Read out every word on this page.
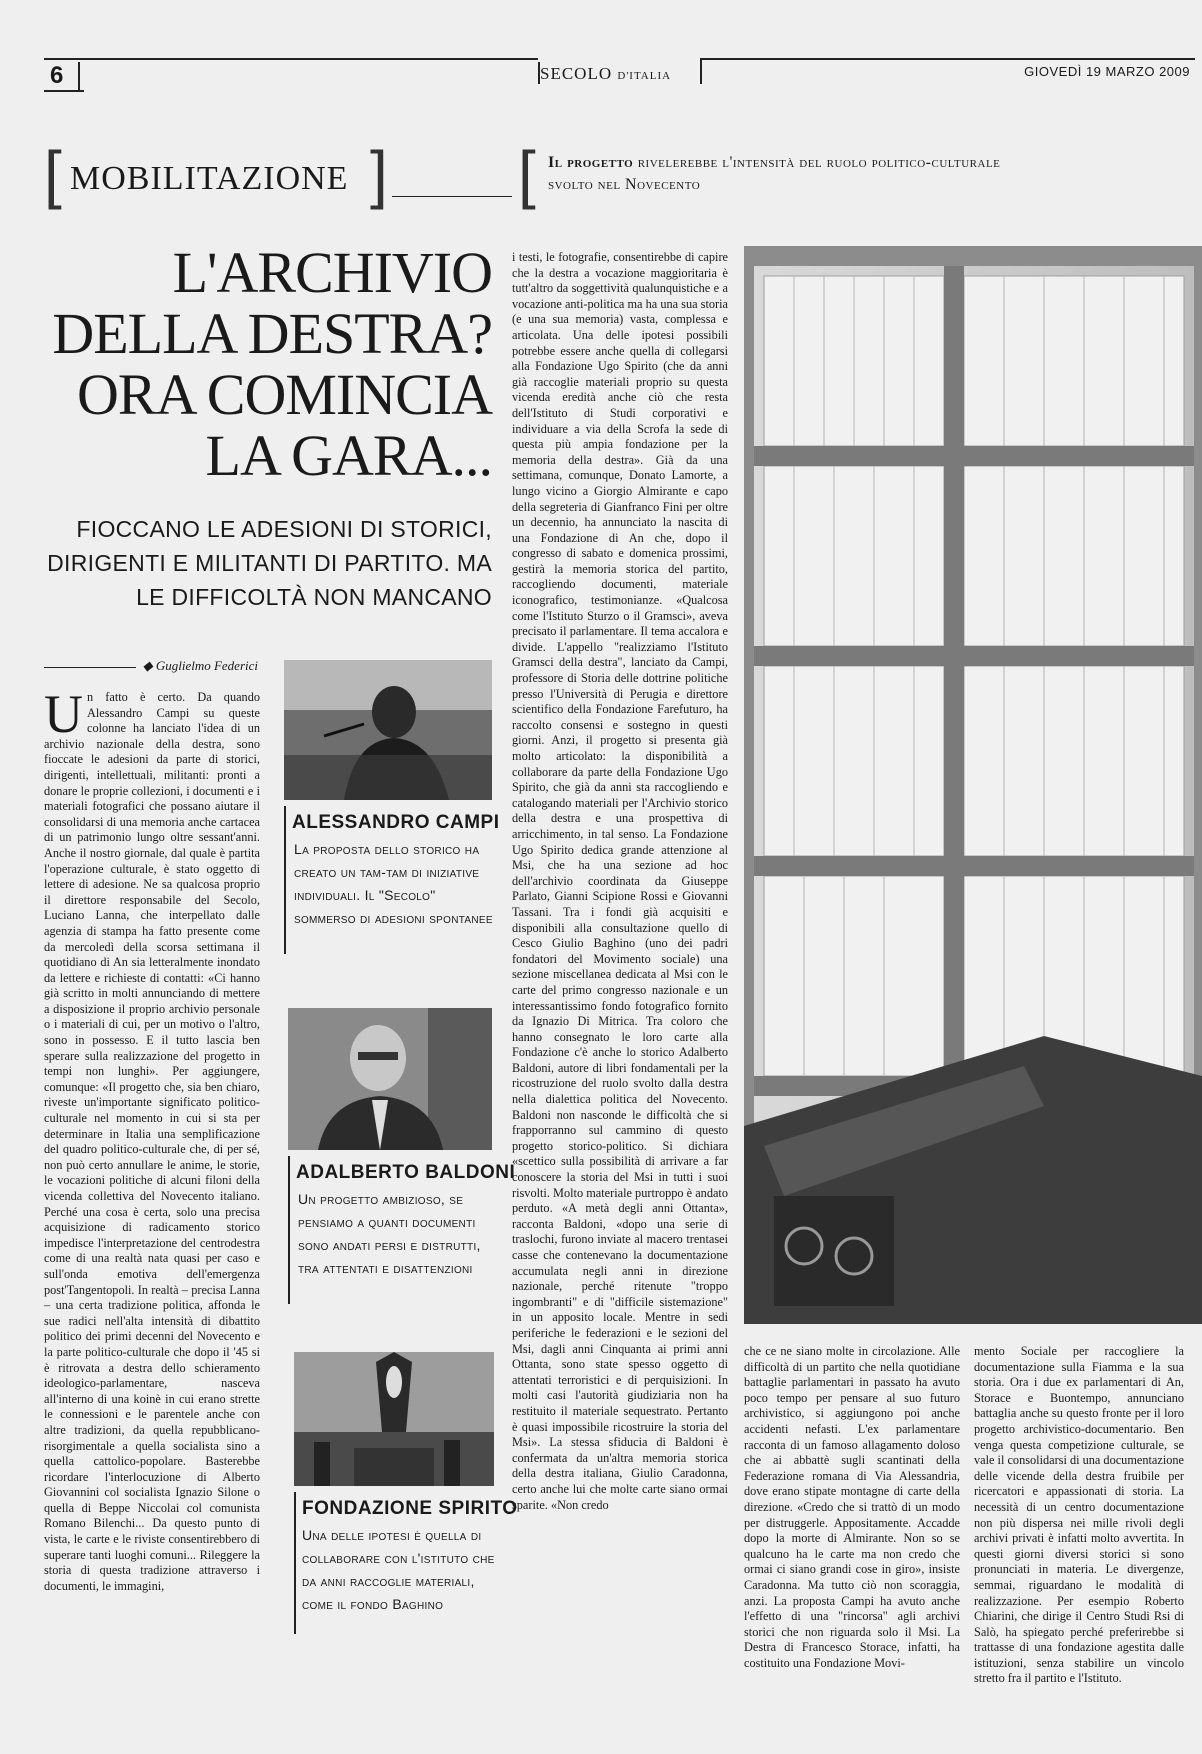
6	SECOLO D'ITALIA	GIOVEDÌ 19 MARZO 2009
[ MOBILITAZIONE ] [ Il progetto rivelerebbe l'intensità del ruolo politico-culturale svolto nel Novecento
L'ARCHIVIO DELLA DESTRA? ORA COMINCIA LA GARA...
FIOCCANO LE ADESIONI DI STORICI, DIRIGENTI E MILITANTI DI PARTITO. MA LE DIFFICOLTÀ NON MANCANO
◆ Guglielmo Federici
Un fatto è certo. Da quando Alessandro Campi su queste colonne ha lanciato l'idea di un archivio nazionale della destra, sono fioccate le adesioni da parte di storici, dirigenti, intellettuali, militanti: pronti a donare le proprie collezioni, i documenti e i materiali fotografici che possano aiutare il consolidarsi di una memoria anche cartacea di un patrimonio lungo oltre sessant'anni. Anche il nostro giornale, dal quale è partita l'operazione culturale, è stato oggetto di lettere di adesione. Ne sa qualcosa proprio il direttore responsabile del Secolo, Luciano Lanna, che interpellato dalle agenzia di stampa ha fatto presente come da mercoledì della scorsa settimana il quotidiano di An sia letteralmente inondato da lettere e richieste di contatti: «Ci hanno già scritto in molti annunciando di mettere a disposizione il proprio archivio personale o i materiali di cui, per un motivo o l'altro, sono in possesso. E il tutto lascia ben sperare sulla realizzazione del progetto in tempi non lunghi». Per aggiungere, comunque: «Il progetto che, sia ben chiaro, riveste un'importante significato politico-culturale nel momento in cui si sta per determinare in Italia una semplificazione del quadro politico-culturale che, di per sé, non può certo annullare le anime, le storie, le vocazioni politiche di alcuni filoni della vicenda collettiva del Novecento italiano. Perché una cosa è certa, solo una precisa acquisizione di radicamento storico impedisce l'interpretazione del centrodestra come di una realtà nata quasi per caso e sull'onda emotiva dell'emergenza post'Tangentopoli. In realtà – precisa Lanna – una certa tradizione politica, affonda le sue radici nell'alta intensità di dibattito politico dei primi decenni del Novecento e la parte politico-culturale che dopo il '45 si è ritrovata a destra dello schieramento ideologico-parlamentare, nasceva all'interno di una koinè in cui erano strette le connessioni e le parentele anche con altre tradizioni, da quella repubblicano-risorgimentale a quella socialista sino a quella cattolico-popolare. Basterebbe ricordare l'interlocuzione di Alberto Giovannini col socialista Ignazio Silone o quella di Beppe Niccolai col comunista Romano Bilenchi... Da questo punto di vista, le carte e le riviste consentirebbero di superare tanti luoghi comuni... Rileggere la storia di questa tradizione attraverso i documenti, le immagini,
ALESSANDRO CAMPI
La proposta dello storico ha creato un tam-tam di iniziative individuali. Il "Secolo" sommerso di adesioni spontanee
ADALBERTO BALDONI
Un progetto ambizioso, se pensiamo a quanti documenti sono andati persi e distrutti, tra attentati e disattenzioni
FONDAZIONE SPIRITO
Una delle ipotesi è quella di collaborare con l'istituto che da anni raccoglie materiali, come il fondo Baghino
i testi, le fotografie, consentirebbe di capire che la destra a vocazione maggioritaria è tutt'altro da soggettività qualunquistiche e a vocazione anti-politica ma ha una sua storia (e una sua memoria) vasta, complessa e articolata. Una delle ipotesi possibili potrebbe essere anche quella di collegarsi alla Fondazione Ugo Spirito (che da anni già raccoglie materiali proprio su questa vicenda eredità anche ciò che resta dell'Istituto di Studi corporativi e individuare a via della Scrofa la sede di questa più ampia fondazione per la memoria della destra». Già da una settimana, comunque, Donato Lamorte, a lungo vicino a Giorgio Almirante e capo della segreteria di Gianfranco Fini per oltre un decennio, ha annunciato la nascita di una Fondazione di An che, dopo il congresso di sabato e domenica prossimi, gestirà la memoria storica del partito, raccogliendo documenti, materiale iconografico, testimonianze. «Qualcosa come l'Istituto Sturzo o il Gramsci», aveva precisato il parlamentare. Il tema accalora e divide. L'appello "realizziamo l'Istituto Gramsci della destra", lanciato da Campi, professore di Storia delle dottrine politiche presso l'Università di Perugia e direttore scientifico della Fondazione Farefuturo, ha raccolto consensi e sostegno in questi giorni. Anzi, il progetto si presenta già molto articolato: la disponibilità a collaborare da parte della Fondazione Ugo Spirito, che già da anni sta raccogliendo e catalogando materiali per l'Archivio storico della destra e una prospettiva di arricchimento, in tal senso. La Fondazione Ugo Spirito dedica grande attenzione al Msi, che ha una sezione ad hoc dell'archivio coordinata da Giuseppe Parlato, Gianni Scipione Rossi e Giovanni Tassani. Tra i fondi già acquisiti e disponibili alla consultazione quello di Cesco Giulio Baghino (uno dei padri fondatori del Movimento sociale) una sezione miscellanea dedicata al Msi con le carte del primo congresso nazionale e un interessantissimo fondo fotografico fornito da Ignazio Di Mitrica. Tra coloro che hanno consegnato le loro carte alla Fondazione c'è anche lo storico Adalberto Baldoni, autore di libri fondamentali per la ricostruzione del ruolo svolto dalla destra nella dialettica politica del Novecento. Baldoni non nasconde le difficoltà che si frapporranno sul cammino di questo progetto storico-politico. Si dichiara «scettico sulla possibilità di arrivare a far conoscere la storia del Msi in tutti i suoi risvolti. Molto materiale purtroppo è andato perduto. «A metà degli anni Ottanta», racconta Baldoni, «dopo una serie di traslochi, furono inviate al macero trentasei casse che contenevano la documentazione accumulata negli anni in direzione nazionale, perché ritenute "troppo ingombranti" e di "difficile sistemazione" in un apposito locale. Mentre in sedi periferiche le federazioni e le sezioni del Msi, dagli anni Cinquanta ai primi anni Ottanta, sono state spesso oggetto di attentati terroristici e di perquisizioni. In molti casi l'autorità giudiziaria non ha restituito il materiale sequestrato. Pertanto è quasi impossibile ricostruire la storia del Msi». La stessa sfiducia di Baldoni è confermata da un'altra memoria storica della destra italiana, Giulio Caradonna, certo anche lui che molte carte siano ormai sparite. «Non credo
che ce ne siano molte in circolazione. Alle difficoltà di un partito che nella quotidiane battaglie parlamentari in passato ha avuto poco tempo per pensare al suo futuro archivistico, si aggiungono poi anche accidenti nefasti. L'ex parlamentare racconta di un famoso allagamento doloso che ai abbattè sugli scantinati della Federazione romana di Via Alessandria, dove erano stipate montagne di carte della direzione. «Credo che si trattò di un modo per distruggerle. Appositamente. Accadde dopo la morte di Almirante. Non so se qualcuno ha le carte ma non credo che ormai ci siano grandi cose in giro», insiste Caradonna. Ma tutto ciò non scoraggia, anzi. La proposta Campi ha avuto anche l'effetto di una "rincorsa" agli archivi storici che non riguarda solo il Msi. La Destra di Francesco Storace, infatti, ha costituito una Fondazione Movi-
mento Sociale per raccogliere la documentazione sulla Fiamma e la sua storia. Ora i due ex parlamentari di An, Storace e Buontempo, annunciano battaglia anche su questo fronte per il loro progetto archivistico-documentario. Ben venga questa competizione culturale, se vale il consolidarsi di una documentazione delle vicende della destra fruibile per ricercatori e appassionati di storia. La necessità di un centro documentazione non più dispersa nei mille rivoli degli archivi privati è infatti molto avvertita. In questi giorni diversi storici si sono pronunciati in materia. Le divergenze, semmai, riguardano le modalità di realizzazione. Per esempio Roberto Chiarini, che dirige il Centro Studi Rsi di Salò, ha spiegato perché preferirebbe si trattasse di una fondazione agestita dalle istituzioni, senza stabilire un vincolo stretto fra il partito e l'Istituto.
